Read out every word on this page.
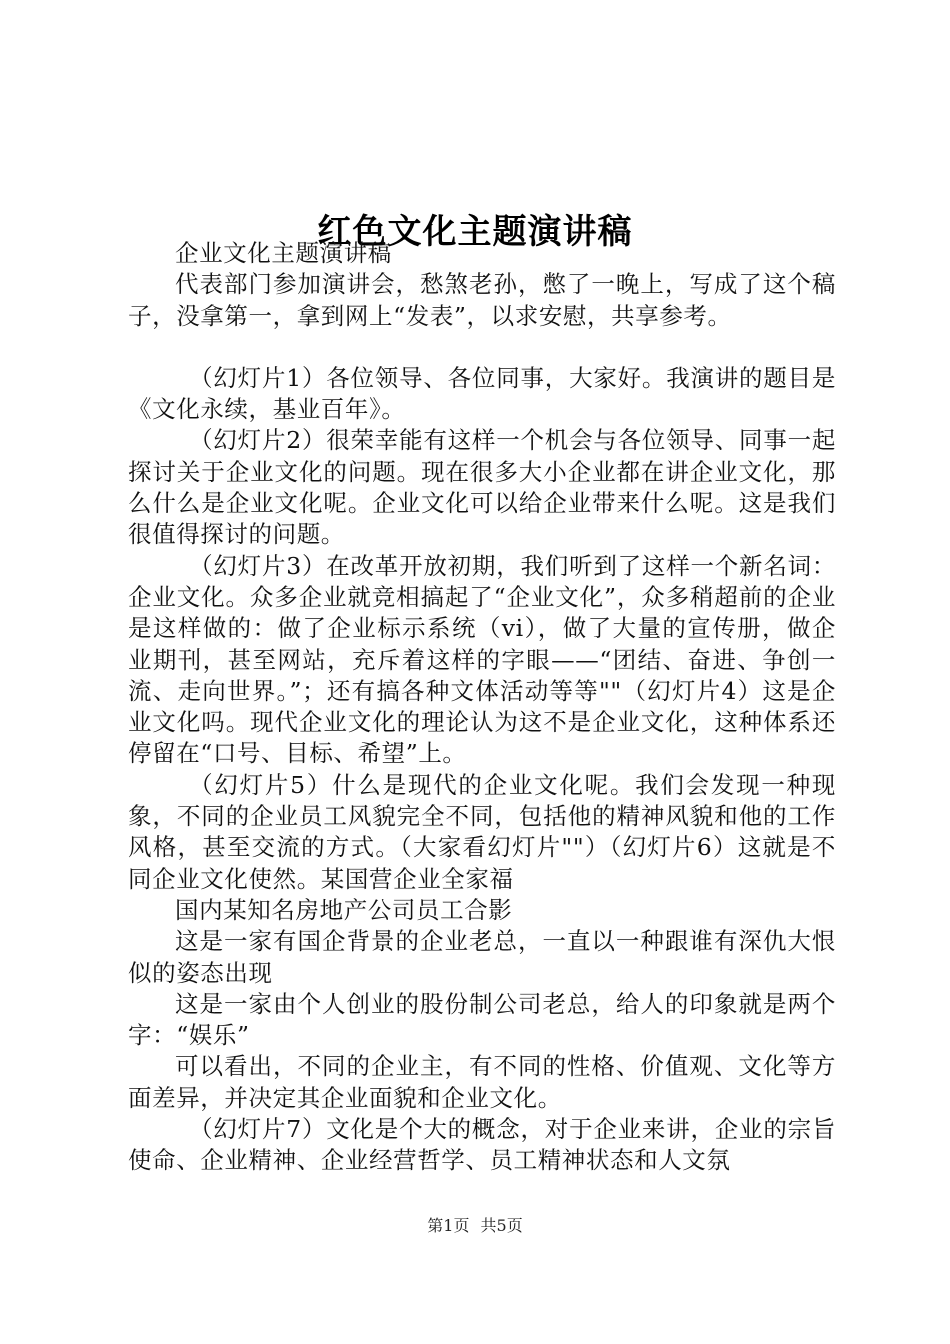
红色文化主题演讲稿

企业文化主题演讲稿

代表部门参加演讲会，愁煞老孙，憋了一晚上，写成了这个稿子，没拿第一，拿到网上“发表”，以求安慰，共享参考。

（幻灯片1）各位领导、各位同事，大家好。我演讲的题目是《文化永续，基业百年》。

（幻灯片2）很荣幸能有这样一个机会与各位领导、同事一起探讨关于企业文化的问题。现在很多大小企业都在讲企业文化，那么什么是企业文化呢。企业文化可以给企业带来什么呢。这是我们很值得探讨的问题。

（幻灯片3）在改革开放初期，我们听到了这样一个新名词：企业文化。众多企业就竞相搞起了“企业文化”，众多稍超前的企业是这样做的：做了企业标示系统（vi），做了大量的宣传册，做企业期刊，甚至网站，充斥着这样的字眼——“团结、奋进、争创一流、走向世界。”；还有搞各种文体活动等等""（幻灯片4）这是企业文化吗。现代企业文化的理论认为这不是企业文化，这种体系还停留在“口号、目标、希望”上。

（幻灯片5）什么是现代的企业文化呢。我们会发现一种现象，不同的企业员工风貌完全不同，包括他的精神风貌和他的工作风格，甚至交流的方式。（大家看幻灯片""）（幻灯片6）这就是不同企业文化使然。某国营企业全家福

国内某知名房地产公司员工合影

这是一家有国企背景的企业老总，一直以一种跟谁有深仇大恨似的姿态出现

这是一家由个人创业的股份制公司老总，给人的印象就是两个字：“娱乐”

可以看出，不同的企业主，有不同的性格、价值观、文化等方面差异，并决定其企业面貌和企业文化。

（幻灯片7）文化是个大的概念，对于企业来讲，企业的宗旨使命、企业精神、企业经营哲学、员工精神状态和人文氛

第1页 共5页
